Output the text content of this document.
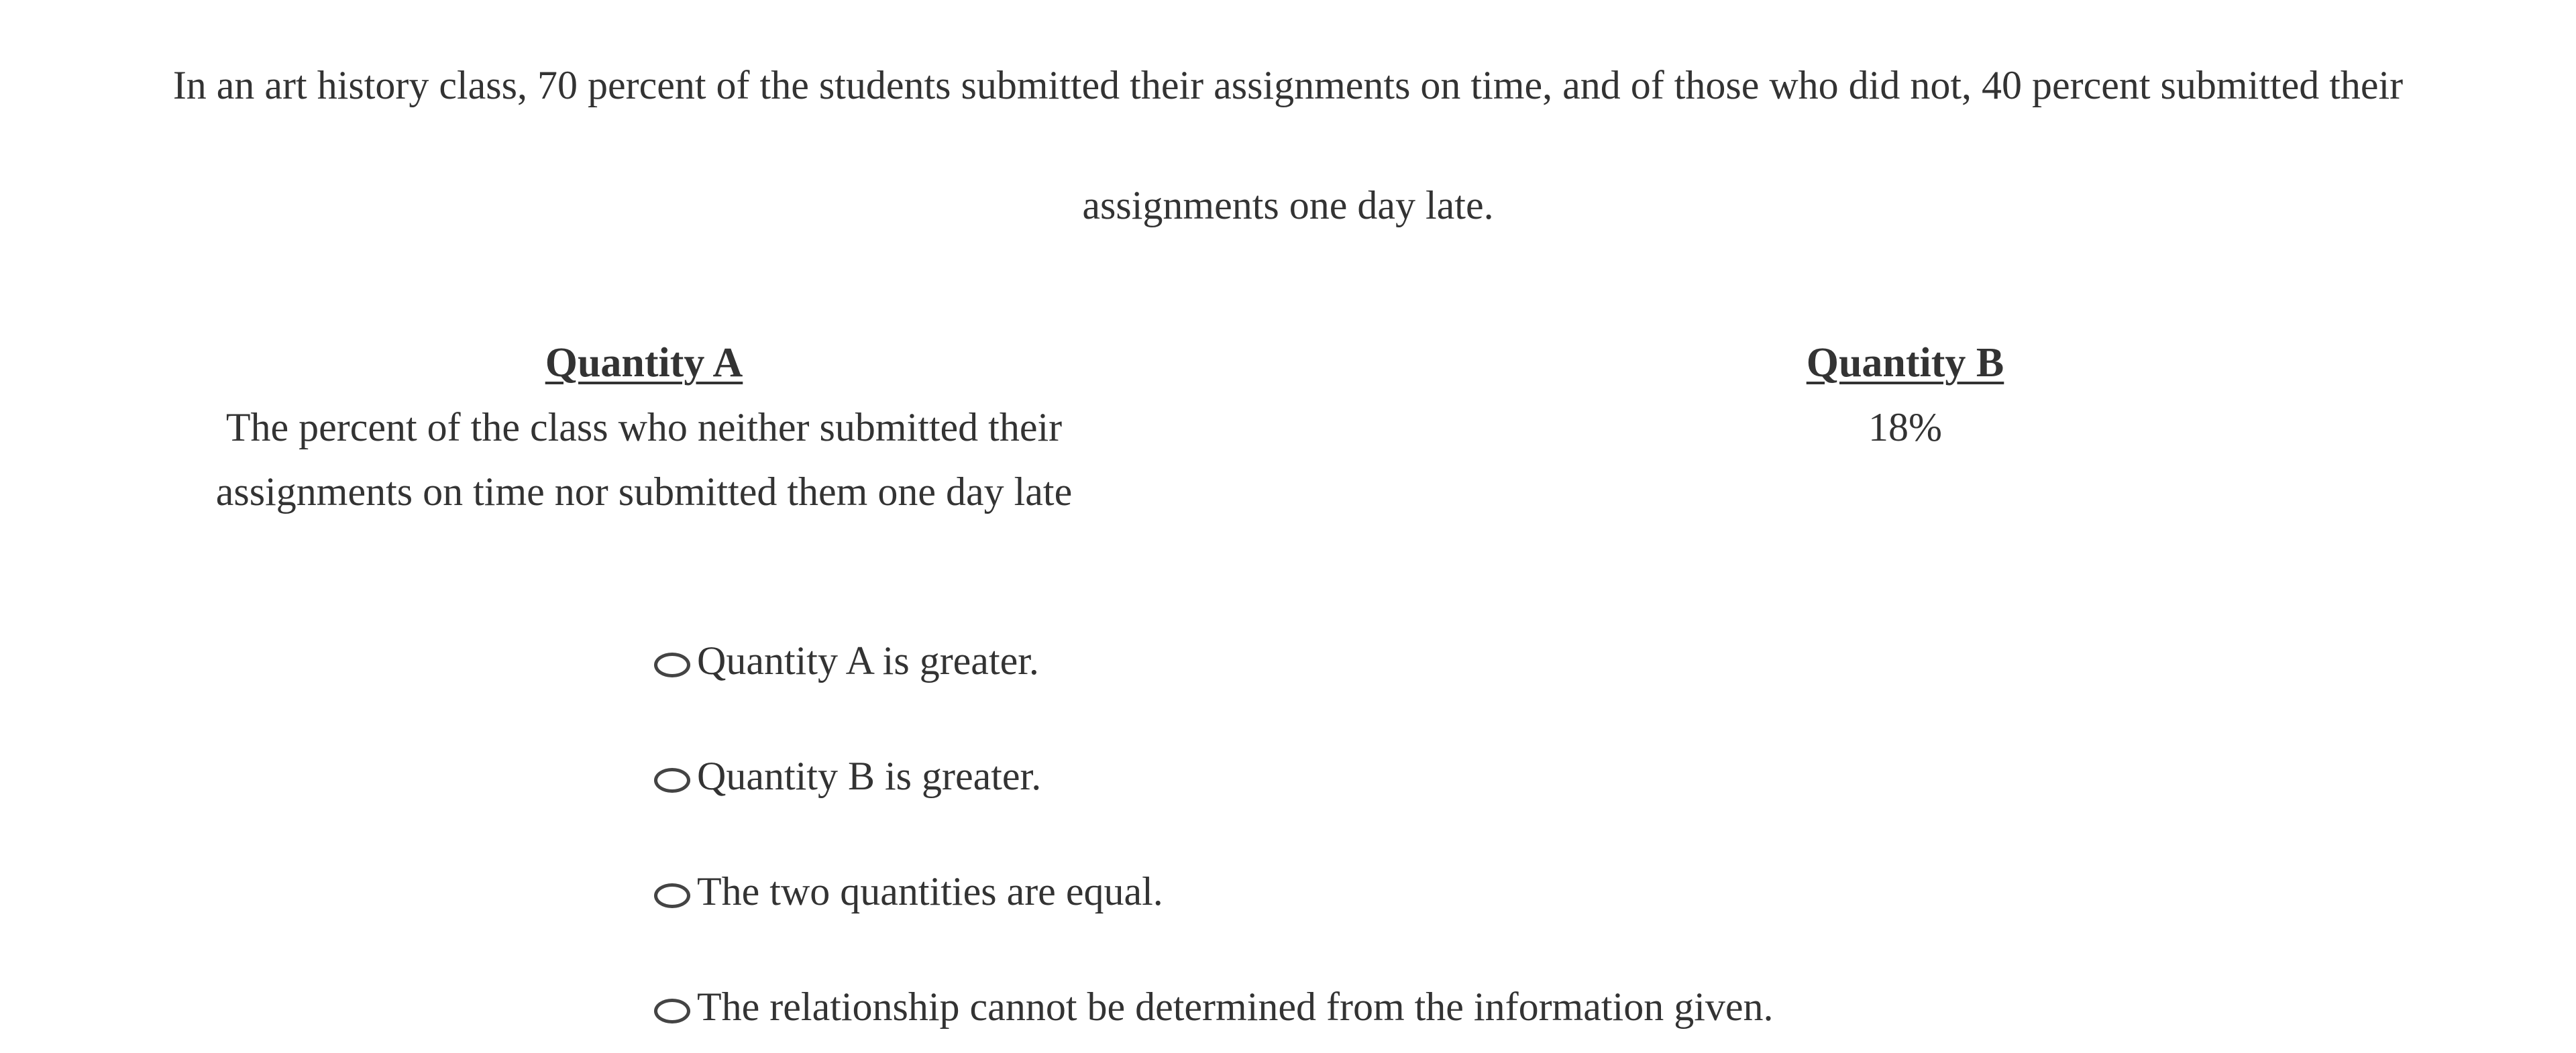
In an art history class, 70 percent of the students submitted their assignments on time, and of those who did not, 40 percent submitted their assignments one day late.
Quantity A
The percent of the class who neither submitted their
assignments on time nor submitted them one day late
Quantity B
18%
Quantity A is greater.
Quantity B is greater.
The two quantities are equal.
The relationship cannot be determined from the information given.
